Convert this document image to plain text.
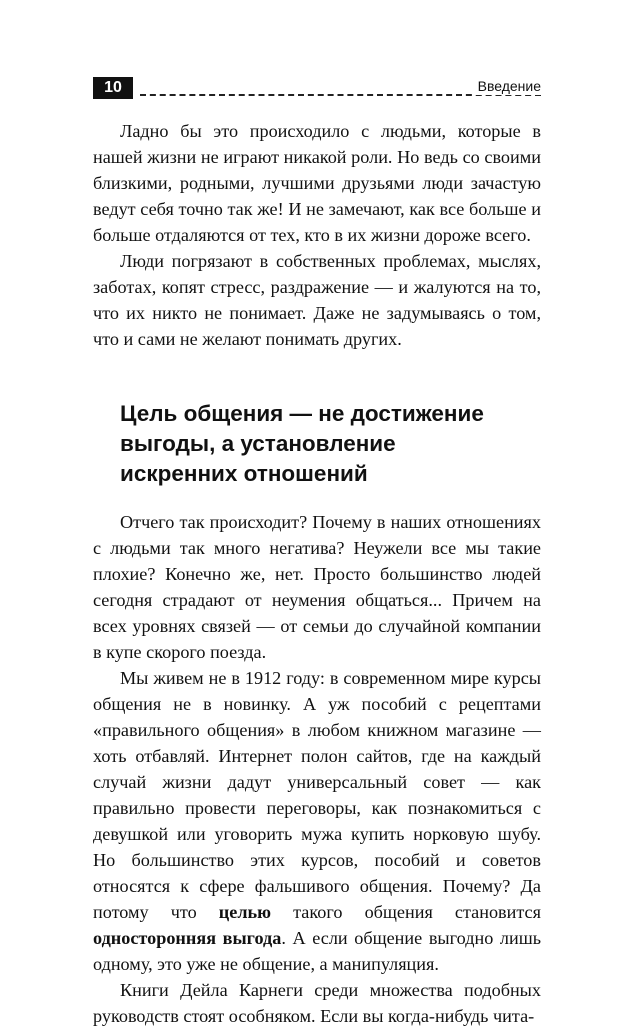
10	Введение

Ладно бы это происходило с людьми, которые в нашей жизни не играют никакой роли. Но ведь со своими близкими, родными, лучшими друзьями люди зачастую ведут себя точно так же! И не замечают, как все больше и больше отдаляются от тех, кто в их жизни дороже всего.

Люди погрязают в собственных проблемах, мыслях, заботах, копят стресс, раздражение — и жалуются на то, что их никто не понимает. Даже не задумываясь о том, что и сами не желают понимать других.

Цель общения — не достижение
выгоды, а установление
искренних отношений

Отчего так происходит? Почему в наших отношениях с людьми так много негатива? Неужели все мы такие плохие? Конечно же, нет. Просто большинство людей сегодня страдают от неумения общаться... Причем на всех уровнях связей — от семьи до случайной компании в купе скорого поезда.

Мы живем не в 1912 году: в современном мире курсы общения не в новинку. А уж пособий с рецептами «правильного общения» в любом книжном магазине — хоть отбавляй. Интернет полон сайтов, где на каждый случай жизни дадут универсальный совет — как правильно провести переговоры, как познакомиться с девушкой или уговорить мужа купить норковую шубу. Но большинство этих курсов, пособий и советов относятся к сфере фальшивого общения. Почему? Да потому что целью такого общения становится односторонняя выгода. А если общение выгодно лишь одному, это уже не общение, а манипуляция.

Книги Дейла Карнеги среди множества подобных руководств стоят особняком. Если вы когда-нибудь чита-
